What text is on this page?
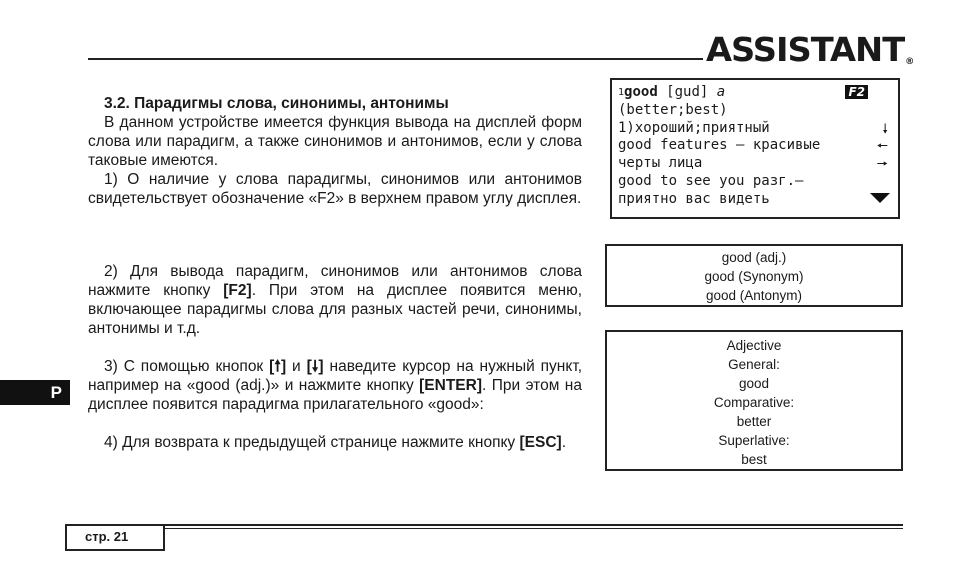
ASSISTANT®

3.2. Парадигмы слова, синонимы, антонимы

В данном устройстве имеется функция вывода на дисплей форм слова или парадигм, а также синонимов и антонимов, если у слова таковые имеются.

1) О наличие у слова парадигмы, синонимов или антонимов свидетельствует обозначение «F2» в верхнем правом углу дисплея.

2) Для вывода парадигм, синонимов или антонимов слова нажмите кнопку [F2]. При этом на дисплее появится меню, включающее парадигмы слова для разных частей речи, синонимы, антонимы и т.д.

3) С помощью кнопок [🠕] и [🠗] наведите курсор на нужный пункт, например на «good (adj.)» и нажмите кнопку [ENTER]. При этом на дисплее появится парадигма прилагательного «good»:

4) Для возврата к предыдущей странице нажмите кнопку [ESC].

$^1$good [gud] a	F2
(better;best)
1)хороший;приятный	🠗
good features — красивые	🠔
черты лица	🠖
good to see you разг.—
приятно вас видеть
good (adj.)
good (Synonym)
good (Antonym)
Adjective
General:
good
Comparative:
better
Superlative:
best
P
стр. 21
